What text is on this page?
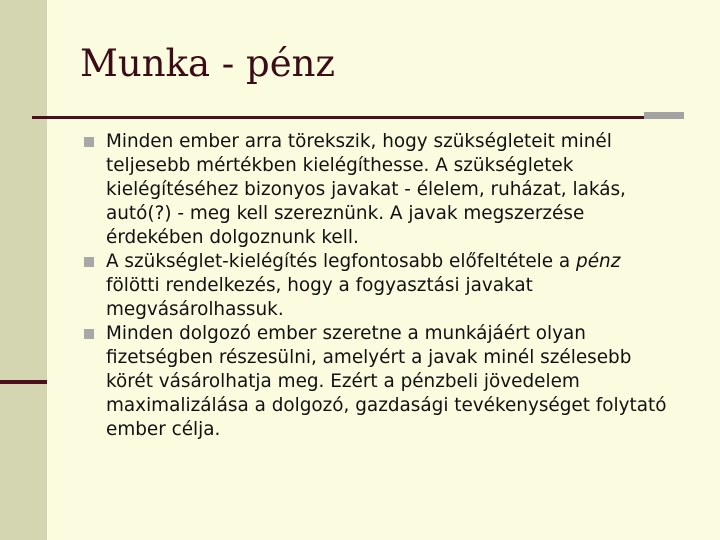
Munka - pénz

Minden ember arra törekszik, hogy szükségleteit minél teljesebb mértékben kielégíthesse. A szükségletek kielégítéséhez bizonyos javakat - élelem, ruházat, lakás, autó(?) - meg kell szereznünk. A javak megszerzése érdekében dolgoznunk kell.

A szükséglet-kielégítés legfontosabb előfeltétele a pénz fölötti rendelkezés, hogy a fogyasztási javakat megvásárolhassuk.

Minden dolgozó ember szeretne a munkájáért olyan fizetségben részesülni, amelyért a javak minél szélesebb körét vásárolhatja meg. Ezért a pénzbeli jövedelem maximalizálása a dolgozó, gazdasági tevékenységet folytató ember célja.
